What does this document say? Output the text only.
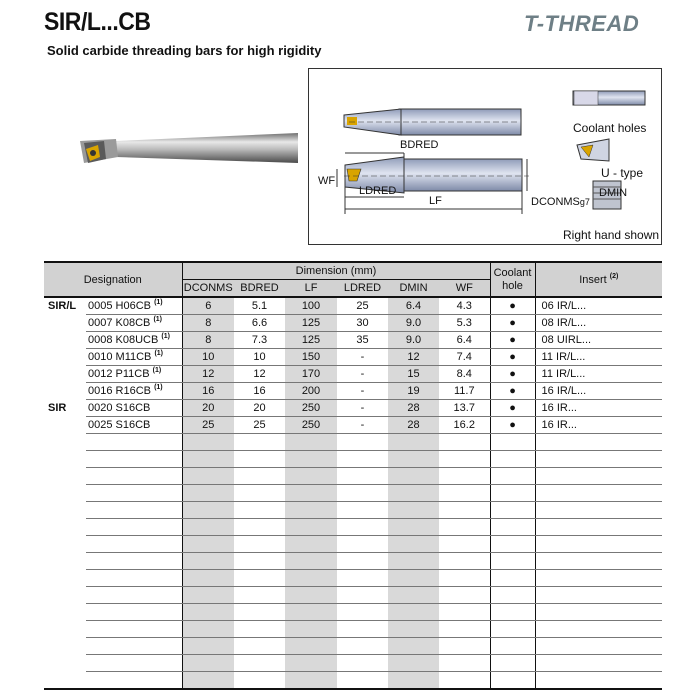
SIR/L...CB	T-THREAD
Solid carbide threading bars for high rigidity
BDRED
WF
LDRED
LF	DCONMSg7
DMIN
Coolant holes
U - type
Right hand shown
Designation		Dimension (mm)						Coolant hole	Insert $^{(2)}$
		DCONMS	BDRED	LF	LDRED	DMIN	WF		
SIR/L	0005 H06CB $^{(1)}$	6	5.1	100	25	6.4	4.3	●	06 IR/L...
	0007 K08CB $^{(1)}$	8	6.6	125	30	9.0	5.3	●	08 IR/L...
	0008 K08UCB $^{(1)}$	8	7.3	125	35	9.0	6.4	●	08 UIRL...
	0010 M11CB $^{(1)}$	10	10	150	-	12	7.4	●	11 IR/L...
	0012 P11CB $^{(1)}$	12	12	170	-	15	8.4	●	11 IR/L...
	0016 R16CB $^{(1)}$	16	16	200	-	19	11.7	●	16 IR/L...
SIR	0020 S16CB	20	20	250	-	28	13.7	●	16 IR...
	0025 S16CB	25	25	250	-	28	16.2	●	16 IR...
